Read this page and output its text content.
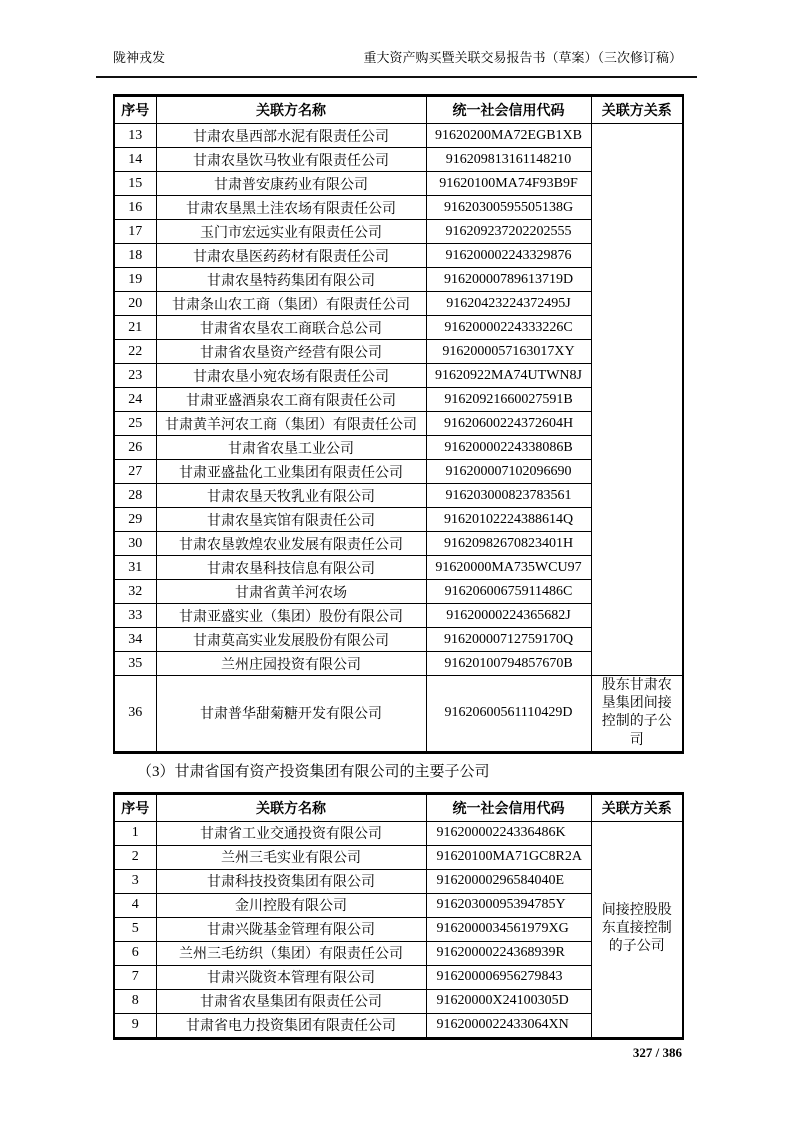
陇神戎发	重大资产购买暨关联交易报告书（草案）（三次修订稿）
序号	关联方名称	统一社会信用代码	关联方关系
13	甘肃农垦西部水泥有限责任公司	91620200MA72EGB1XB	
14	甘肃农垦饮马牧业有限责任公司	916209813161148210	
15	甘肃普安康药业有限公司	91620100MA74F93B9F	
16	甘肃农垦黑土洼农场有限责任公司	91620300595505138G	
17	玉门市宏远实业有限责任公司	916209237202202555	
18	甘肃农垦医药药材有限责任公司	916200002243329876	
19	甘肃农垦特药集团有限公司	91620000789613719D	
20	甘肃条山农工商（集团）有限责任公司	91620423224372495J	
21	甘肃省农垦农工商联合总公司	91620000224333226C	
22	甘肃省农垦资产经营有限公司	9162000057163017XY	
23	甘肃农垦小宛农场有限责任公司	91620922MA74UTWN8J	
24	甘肃亚盛酒泉农工商有限责任公司	91620921660027591B	
25	甘肃黄羊河农工商（集团）有限责任公司	91620600224372604H	
26	甘肃省农垦工业公司	91620000224338086B	
27	甘肃亚盛盐化工业集团有限责任公司	916200007102096690	
28	甘肃农垦天牧乳业有限公司	916203000823783561	
29	甘肃农垦宾馆有限责任公司	91620102224388614Q	
30	甘肃农垦敦煌农业发展有限责任公司	91620982670823401H	
31	甘肃农垦科技信息有限公司	91620000MA735WCU97	
32	甘肃省黄羊河农场	91620600675911486C	
33	甘肃亚盛实业（集团）股份有限公司	91620000224365682J	
34	甘肃莫高实业发展股份有限公司	91620000712759170Q	
35	兰州庄园投资有限公司	91620100794857670B	
36	甘肃普华甜菊糖开发有限公司	91620600561110429D	股东甘肃农垦集团间接控制的子公司
（3）甘肃省国有资产投资集团有限公司的主要子公司
序号	关联方名称	统一社会信用代码	关联方关系
1	甘肃省工业交通投资有限公司	91620000224336486K	间接控股股东直接控制的子公司
2	兰州三毛实业有限公司	91620100MA71GC8R2A	
3	甘肃科技投资集团有限公司	91620000296584040E	
4	金川控股有限公司	91620300095394785Y	
5	甘肃兴陇基金管理有限公司	9162000034561979XG	
6	兰州三毛纺织（集团）有限责任公司	91620000224368939R	
7	甘肃兴陇资本管理有限公司	916200006956279843	
8	甘肃省农垦集团有限责任公司	91620000X24100305D	
9	甘肃省电力投资集团有限责任公司	9162000022433064XN	
327 / 386
